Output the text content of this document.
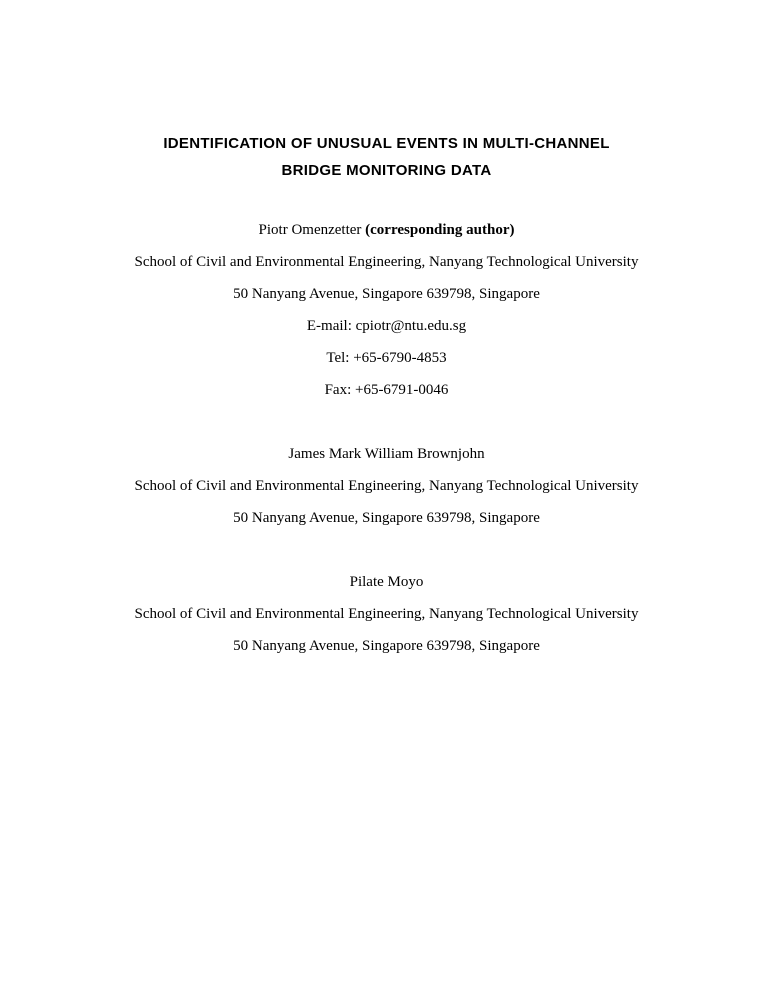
IDENTIFICATION OF UNUSUAL EVENTS IN MULTI-CHANNEL
BRIDGE MONITORING DATA

Piotr Omenzetter (corresponding author)

School of Civil and Environmental Engineering, Nanyang Technological University

50 Nanyang Avenue, Singapore 639798, Singapore

E-mail: cpiotr@ntu.edu.sg

Tel: +65-6790-4853

Fax: +65-6791-0046

James Mark William Brownjohn

School of Civil and Environmental Engineering, Nanyang Technological University

50 Nanyang Avenue, Singapore 639798, Singapore

Pilate Moyo

School of Civil and Environmental Engineering, Nanyang Technological University

50 Nanyang Avenue, Singapore 639798, Singapore
